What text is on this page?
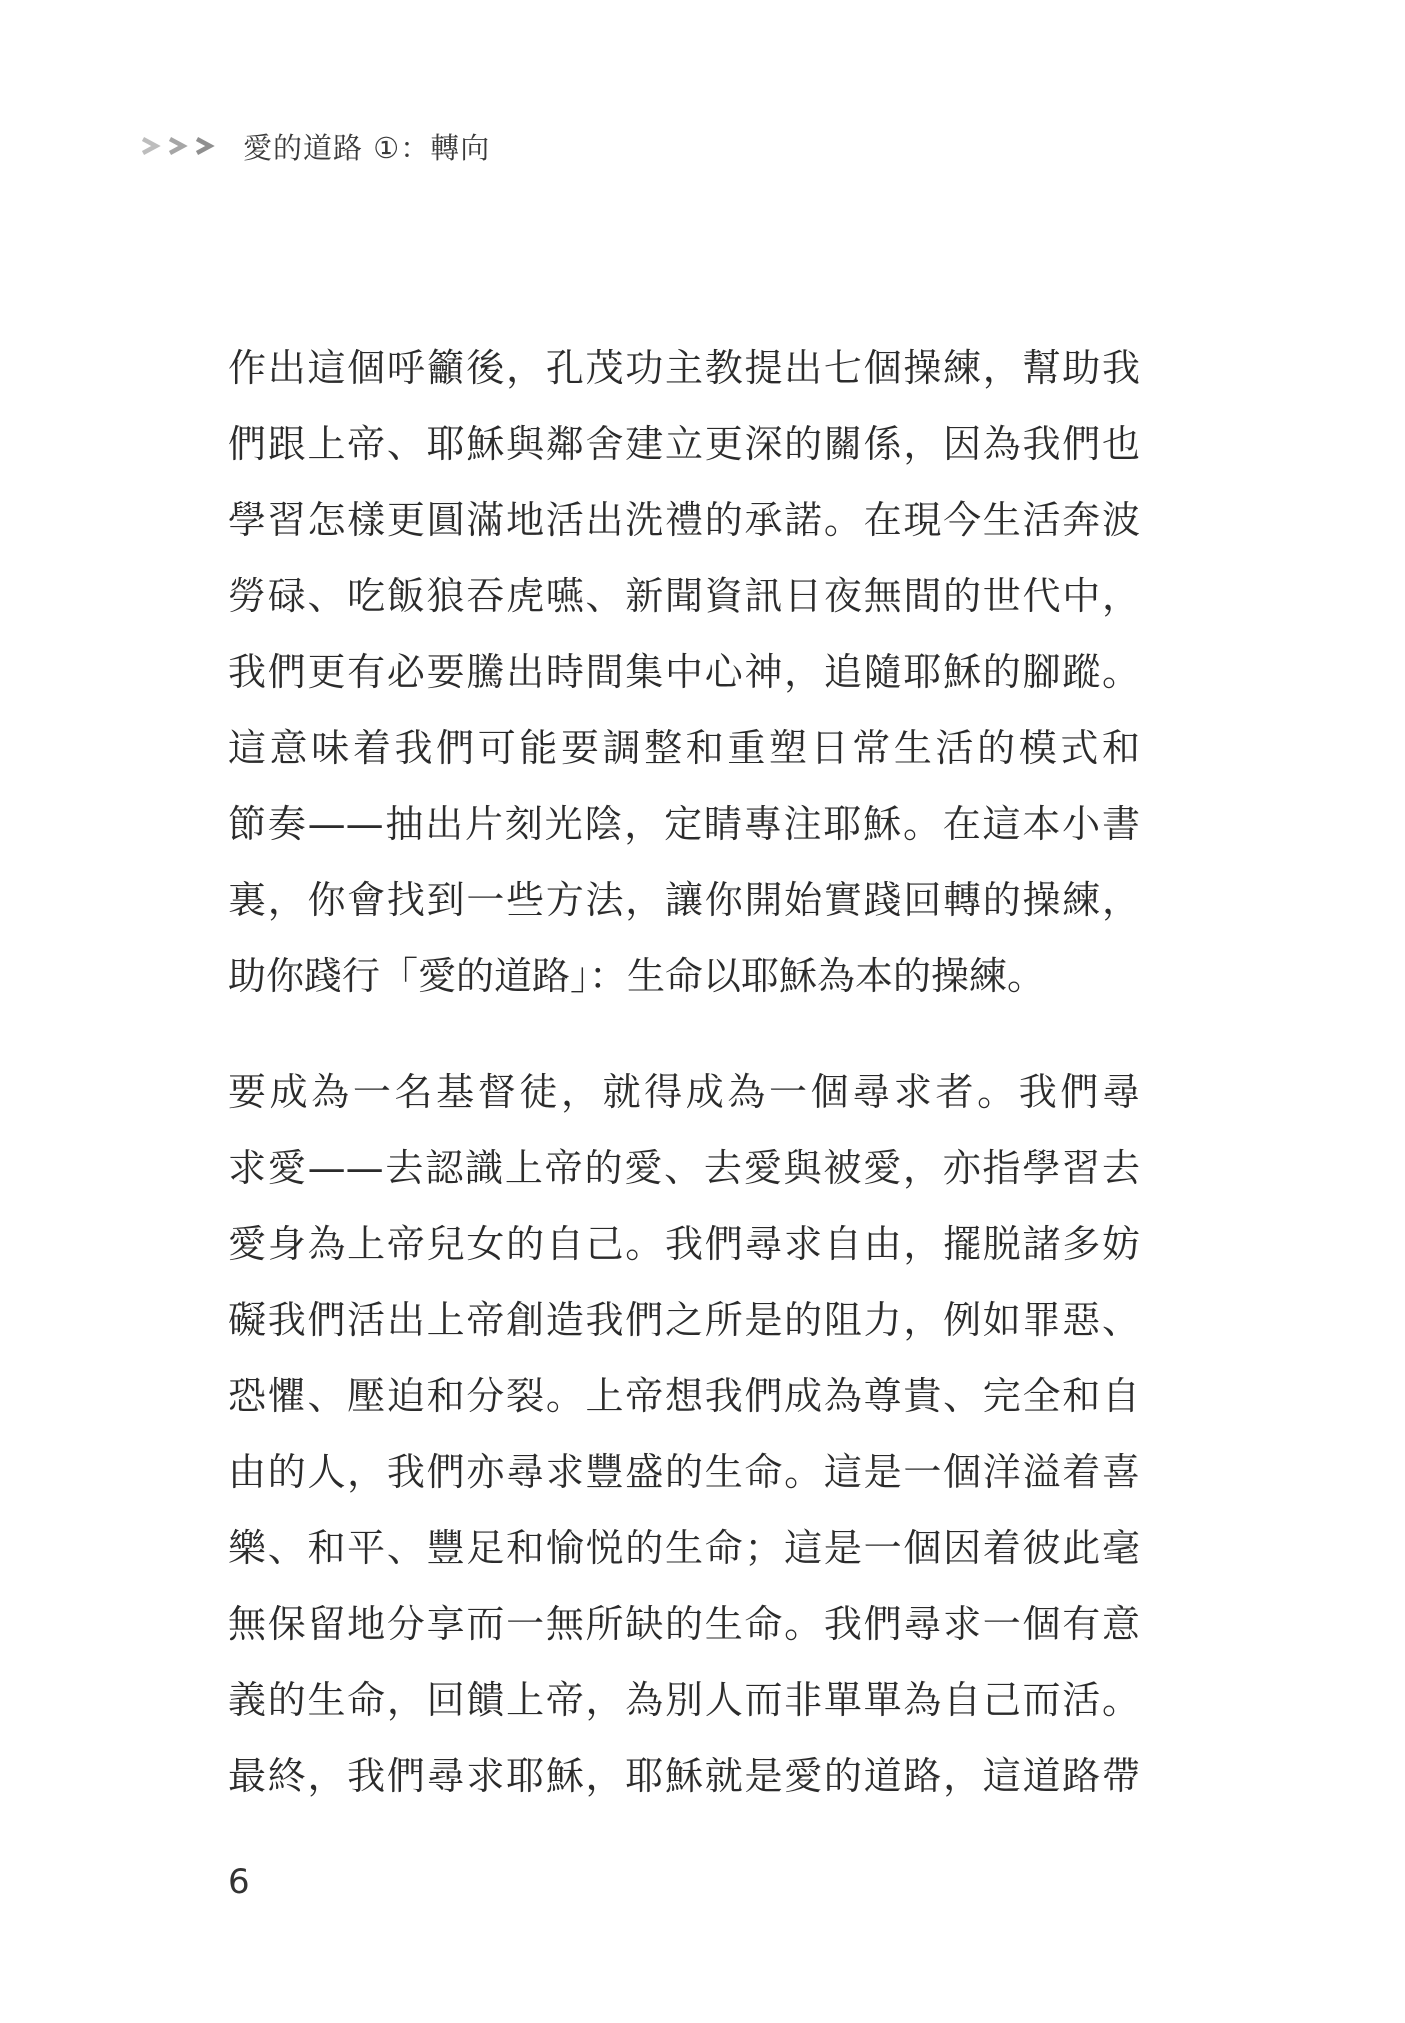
愛的道路 ①：轉向

作出這個呼籲後，孔茂功主教提出七個操練，幫助我
們跟上帝、耶穌與鄰舍建立更深的關係，因為我們也
學習怎樣更圓滿地活出洗禮的承諾。在現今生活奔波
勞碌、吃飯狼吞虎嚥、新聞資訊日夜無間的世代中，
我們更有必要騰出時間集中心神，追隨耶穌的腳蹤。
這意味着我們可能要調整和重塑日常生活的模式和
節奏——抽出片刻光陰，定睛專注耶穌。在這本小書
裏，你會找到一些方法，讓你開始實踐回轉的操練，
助你踐行「愛的道路」：生命以耶穌為本的操練。

要成為一名基督徒，就得成為一個尋求者。我們尋
求愛——去認識上帝的愛、去愛與被愛，亦指學習去
愛身為上帝兒女的自己。我們尋求自由，擺脱諸多妨
礙我們活出上帝創造我們之所是的阻力，例如罪惡、
恐懼、壓迫和分裂。上帝想我們成為尊貴、完全和自
由的人，我們亦尋求豐盛的生命。這是一個洋溢着喜
樂、和平、豐足和愉悦的生命；這是一個因着彼此毫
無保留地分享而一無所缺的生命。我們尋求一個有意
義的生命，回饋上帝，為別人而非單單為自己而活。
最終，我們尋求耶穌，耶穌就是愛的道路，這道路帶

6
